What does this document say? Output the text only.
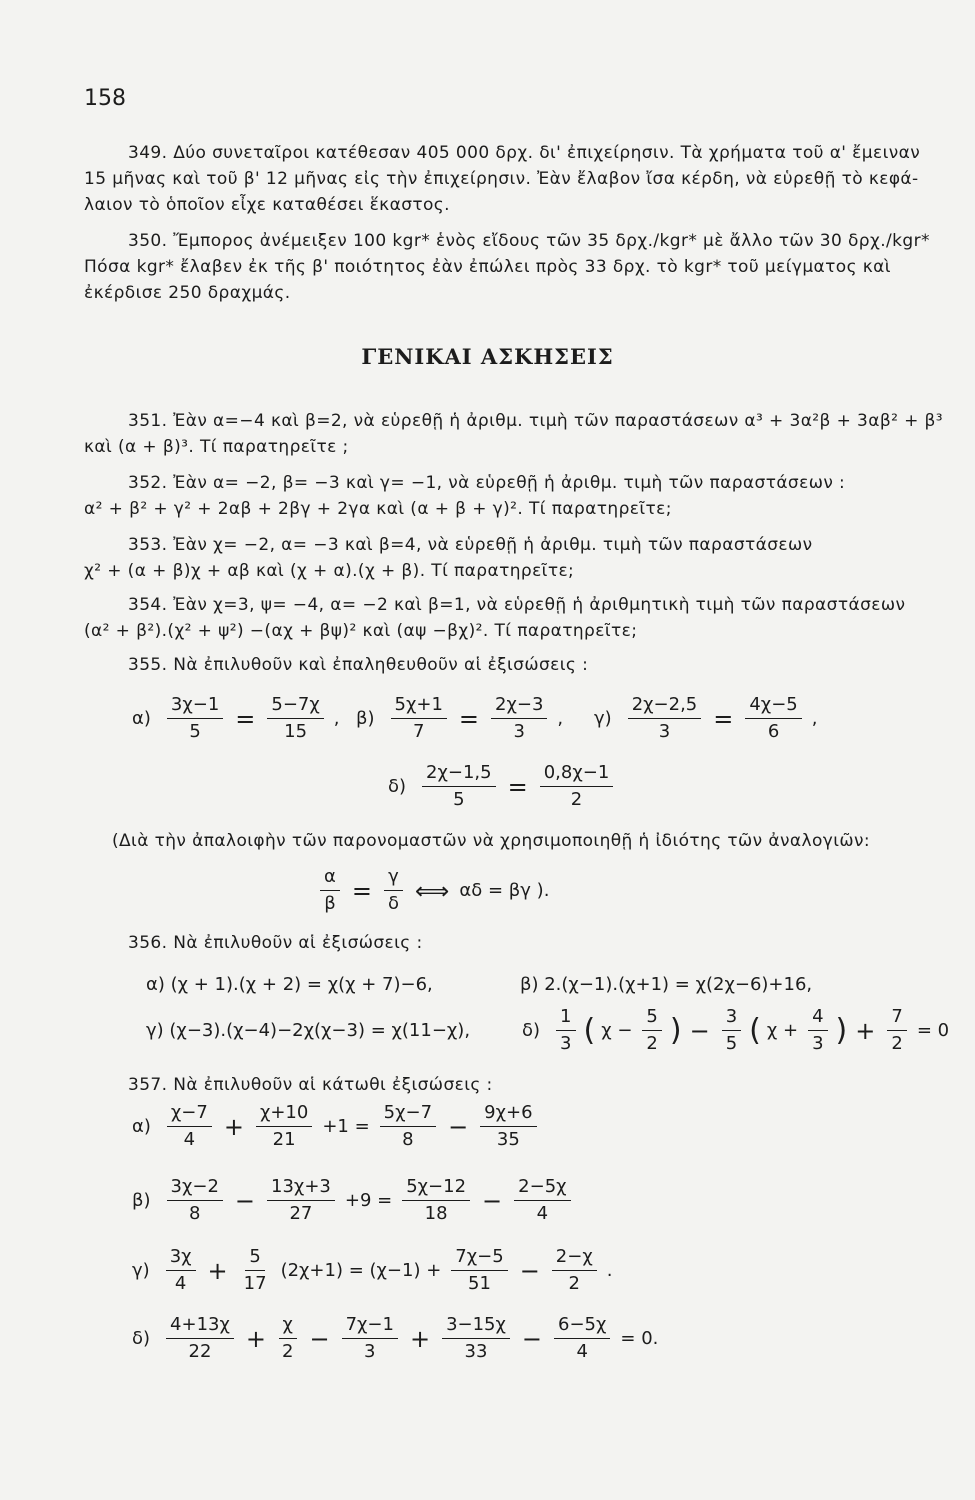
158
349. Δύο συνεταῖροι κατέθεσαν 405 000 δρχ. δι' ἐπιχείρησιν. Τὰ χρήματα τοῦ α' ἔμειναν
15 μῆνας καὶ τοῦ β' 12 μῆνας εἰς τὴν ἐπιχείρησιν. Ἐὰν ἔλαβον ἴσα κέρδη, νὰ εὑρεθῇ τὸ κεφά-
λαιον τὸ ὁποῖον εἶχε καταθέσει ἕκαστος.
350. Ἔμπορος ἀνέμειξεν 100 kgr* ἑνὸς εἴδους τῶν 35 δρχ./kgr* μὲ ἄλλο τῶν 30 δρχ./kgr*
Πόσα kgr* ἔλαβεν ἐκ τῆς β' ποιότητος ἐὰν ἐπώλει πρὸς 33 δρχ. τὸ kgr* τοῦ μείγματος καὶ
ἐκέρδισε 250 δραχμάς.
ΓΕΝΙΚΑΙ ΑΣΚΗΣΕΙΣ
351. Ἐὰν α=−4 καὶ β=2, νὰ εὑρεθῇ ἡ ἀριθμ. τιμὴ τῶν παραστάσεων α³ + 3α²β + 3αβ² + β³
καὶ (α + β)³. Τί παρατηρεῖτε ;
352. Ἐὰν α= −2, β= −3 καὶ γ= −1, νὰ εὑρεθῇ ἡ ἀριθμ. τιμὴ τῶν παραστάσεων :
α² + β² + γ² + 2αβ + 2βγ + 2γα καὶ (α + β + γ)². Τί παρατηρεῖτε;
353. Ἐὰν χ= −2, α= −3 καὶ β=4, νὰ εὑρεθῇ ἡ ἀριθμ. τιμὴ τῶν παραστάσεων
χ² + (α + β)χ + αβ καὶ (χ + α).(χ + β). Τί παρατηρεῖτε;
354. Ἐὰν χ=3, ψ= −4, α= −2 καὶ β=1, νὰ εὑρεθῇ ἡ ἀριθμητικὴ τιμὴ τῶν παραστάσεων
(α² + β²).(χ² + ψ²) −(αχ + βψ)² καὶ (αψ −βχ)². Τί παρατηρεῖτε;
355. Νὰ ἐπιλυθοῦν καὶ ἐπαληθευθοῦν αἱ ἐξισώσεις :
$\alpha) \frac{3\chi-1}{5} = \frac{5-7\chi}{15}$ , $\beta) \frac{5\chi+1}{7} = \frac{2\chi-3}{3}$ , $\gamma) \frac{2\chi-2,5}{3} = \frac{4\chi-5}{6}$ ,
$\delta) \frac{2\chi-1,5}{5} = \frac{0,8\chi-1}{2}$
(Διὰ τὴν ἀπαλοιφὴν τῶν παρονομαστῶν νὰ χρησιμοποιηθῇ ἡ ἰδιότης τῶν ἀναλογιῶν:
$\frac{\alpha}{\beta} = \frac{\gamma}{\delta}$ ⟺ αδ = βγ ).
356. Νὰ ἐπιλυθοῦν αἱ ἐξισώσεις :
α) (χ + 1).(χ + 2) = χ(χ + 7)−6,	β) 2.(χ−1).(χ+1) = χ(2χ−6)+16,
γ) (χ−3).(χ−4)−2χ(χ−3) = χ(11−χ),	$\delta) \frac{1}{3}$ ( $\chi - \frac{5}{2}$ ) − $\frac{3}{5}$ ( $\chi + \frac{4}{3}$ ) + $\frac{7}{2} = 0$
357. Νὰ ἐπιλυθοῦν αἱ κάτωθι ἐξισώσεις :
$\alpha) \frac{\chi-7}{4} + \frac{\chi+10}{21} +1 = \frac{5\chi-7}{8} - \frac{9\chi+6}{35}$
$\beta) \frac{3\chi-2}{8} - \frac{13\chi+3}{27} +9 = \frac{5\chi-12}{18} - \frac{2-5\chi}{4}$
$\gamma) \frac{3\chi}{4} + \frac{5}{17} (2\chi+1) = (\chi-1) + \frac{7\chi-5}{51} - \frac{2-\chi}{2}$ .
$\delta) \frac{4+13\chi}{22} + \frac{\chi}{2} - \frac{7\chi-1}{3} + \frac{3-15\chi}{33} - \frac{6-5\chi}{4} = 0$.
